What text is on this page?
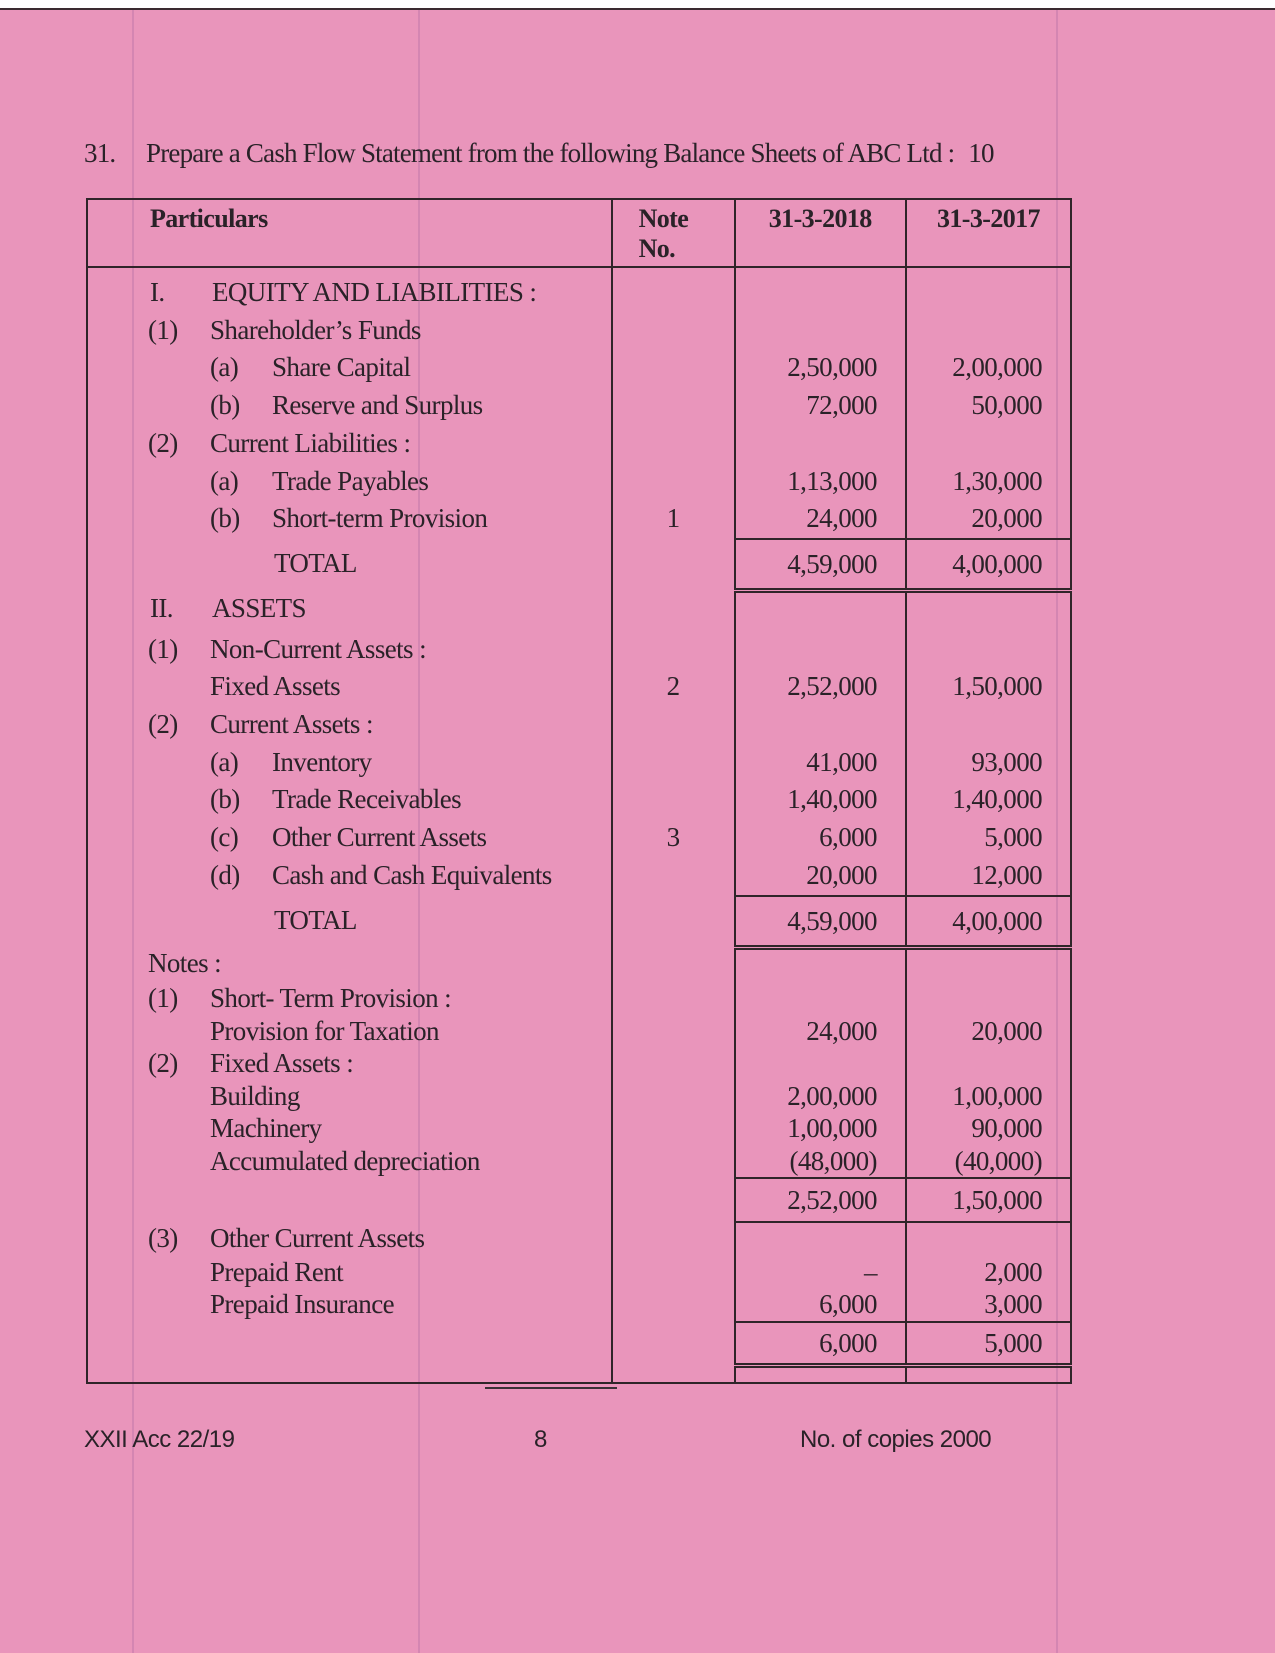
31. Prepare a Cash Flow Statement from the following Balance Sheets of ABC Ltd : 10
Particulars	Note No.	31-3-2018	31-3-2017
I. EQUITY AND LIABILITIES :			
(1) Shareholder’s Funds			
(a) Share Capital		2,50,000	2,00,000
(b) Reserve and Surplus		72,000	50,000
(2) Current Liabilities :			
(a) Trade Payables		1,13,000	1,30,000
(b) Short-term Provision	1	24,000	20,000
TOTAL		4,59,000	4,00,000
II. ASSETS			
(1) Non-Current Assets :			
Fixed Assets	2	2,52,000	1,50,000
(2) Current Assets :			
(a) Inventory		41,000	93,000
(b) Trade Receivables		1,40,000	1,40,000
(c) Other Current Assets	3	6,000	5,000
(d) Cash and Cash Equivalents		20,000	12,000
TOTAL		4,59,000	4,00,000
Notes :			
(1) Short- Term Provision :			
Provision for Taxation		24,000	20,000
(2) Fixed Assets :			
Building		2,00,000	1,00,000
Machinery		1,00,000	90,000
Accumulated depreciation		(48,000)	(40,000)
		2,52,000	1,50,000
(3) Other Current Assets			
Prepaid Rent		–	2,000
Prepaid Insurance		6,000	3,000
		6,000	5,000

XXII Acc 22/19	8	No. of copies 2000
